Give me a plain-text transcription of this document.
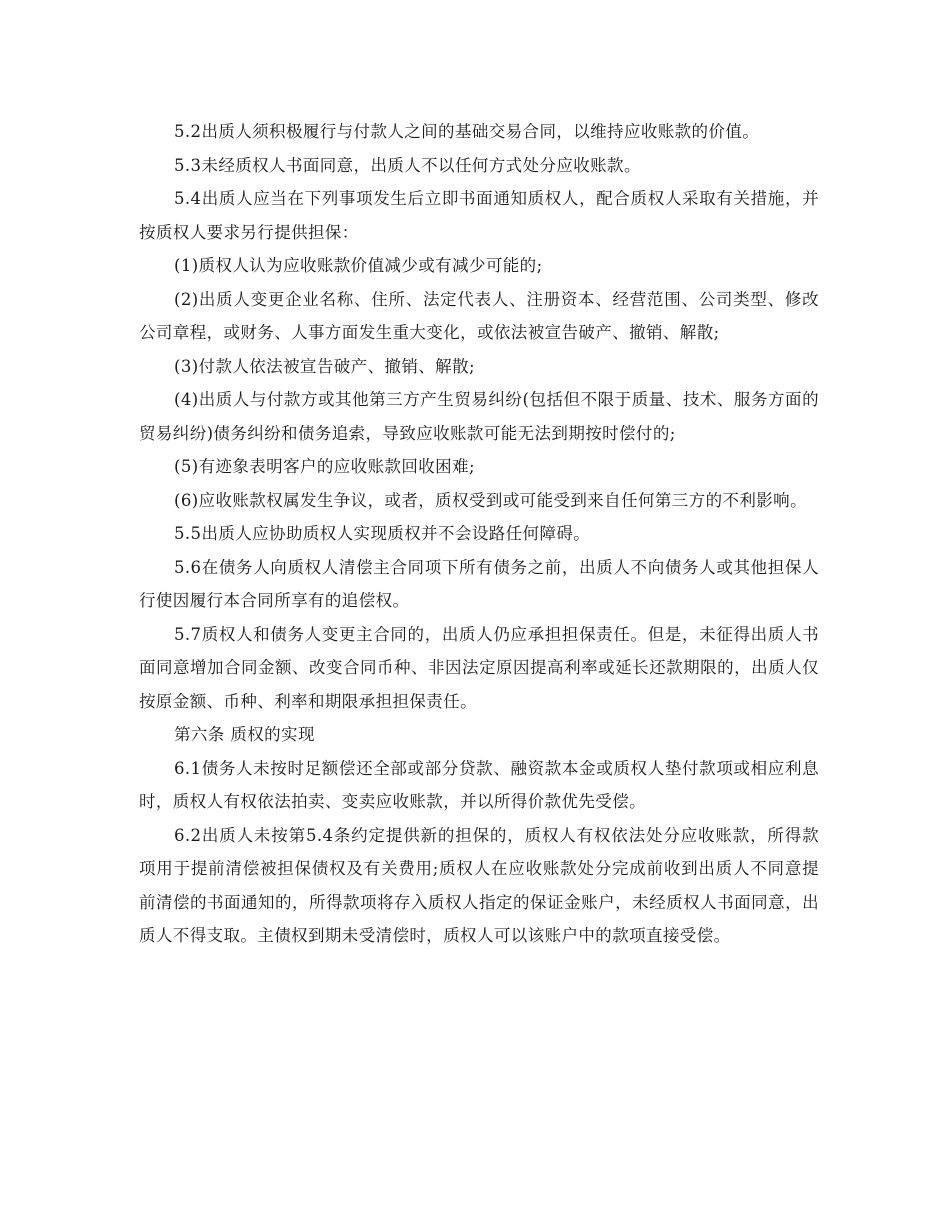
5.2出质人须积极履行与付款人之间的基础交易合同，以维持应收账款的价值。

5.3未经质权人书面同意，出质人不以任何方式处分应收账款。

5.4出质人应当在下列事项发生后立即书面通知质权人，配合质权人采取有关措施，并按质权人要求另行提供担保：

(1)质权人认为应收账款价值减少或有减少可能的;

(2)出质人变更企业名称、住所、法定代表人、注册资本、经营范围、公司类型、修改公司章程，或财务、人事方面发生重大变化，或依法被宣告破产、撤销、解散;

(3)付款人依法被宣告破产、撤销、解散;

(4)出质人与付款方或其他第三方产生贸易纠纷(包括但不限于质量、技术、服务方面的贸易纠纷)债务纠纷和债务追索，导致应收账款可能无法到期按时偿付的;

(5)有迹象表明客户的应收账款回收困难;

(6)应收账款权属发生争议，或者，质权受到或可能受到来自任何第三方的不利影响。

5.5出质人应协助质权人实现质权并不会设路任何障碍。

5.6在债务人向质权人清偿主合同项下所有债务之前，出质人不向债务人或其他担保人行使因履行本合同所享有的追偿权。

5.7质权人和债务人变更主合同的，出质人仍应承担担保责任。但是，未征得出质人书面同意增加合同金额、改变合同币种、非因法定原因提高利率或延长还款期限的，出质人仅按原金额、币种、利率和期限承担担保责任。

第六条 质权的实现

6.1债务人未按时足额偿还全部或部分贷款、融资款本金或质权人垫付款项或相应利息时，质权人有权依法拍卖、变卖应收账款，并以所得价款优先受偿。

6.2出质人未按第5.4条约定提供新的担保的，质权人有权依法处分应收账款，所得款项用于提前清偿被担保债权及有关费用;质权人在应收账款处分完成前收到出质人不同意提前清偿的书面通知的，所得款项将存入质权人指定的保证金账户，未经质权人书面同意，出质人不得支取。主债权到期未受清偿时，质权人可以该账户中的款项直接受偿。
